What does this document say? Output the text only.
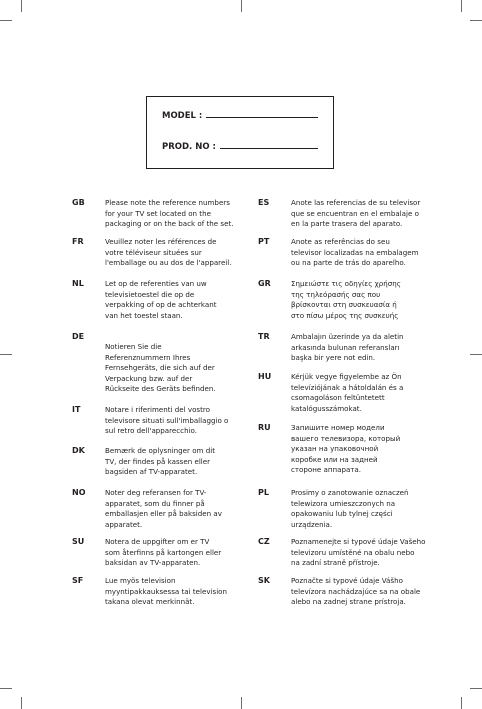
MODEL :
PROD. NO :
GB	Please note the reference numbers
for your TV set located on the
packaging or on the back of the set.
FR	Veuillez noter les références de
votre téléviseur situées sur
l'emballage ou au dos de l'appareil.
NL	Let op de referenties van uw
televisietoestel die op de
verpakking of op de achterkant
van het toestel staan.
DE
Notieren Sie die
Referenznummern Ihres
Fernsehgeräts, die sich auf der
Verpackung bzw. auf der
Rückseite des Geräts befinden.
IT	Notare i riferimenti del vostro
televisore situati sull'imballaggio o
sul retro dell'apparecchio.
DK	Bemærk de oplysninger om dit
TV, der findes på kassen eller
bagsiden af TV-apparatet.
NO	Noter deg referansen for TV-
apparatet, som du finner på
emballasjen eller på baksiden av
apparatet.
SU	Notera de uppgifter om er TV
som återfinns på kartongen eller
baksidan av TV-apparaten.
SF	Lue myös television
myyntipakkauksessa tai television
takana olevat merkinnät.
ES	Anote las referencias de su televisor
que se encuentran en el embalaje o
en la parte trasera del aparato.
PT	Anote as referências do seu
televisor localizadas na embalagem
ou na parte de trás do aparelho.
GR	Σημειώστε τις οδηγίες χρήσης
της τηλεόρασής σας που
βρίσκονται στη συσκευασία ή
στο πίσω μέρος της συσκευής
TR	Ambalajın üzerinde ya da aletin
arkasında bulunan referansları
başka bir yere not edin.
HU	Kérjük vegye figyelembe az Ön
televíziójának a hátoldalán és a
csomagoláson feltüntetett
katalógusszámokat.
RU	Запишите номер модели
вашего телевизора, который
указан на упаковочной
коробке или на задней
стороне аппарата.
PL	Prosimy o zanotowanie oznaczeń
telewizora umieszczonych na
opakowaniu lub tylnej części
urządzenia.
CZ	Poznamenejte si typové údaje Vašeho
televizoru umístěné na obalu nebo
na zadní straně přístroje.
SK	Poznačte si typové údaje Vášho
televízora nachádzajúce sa na obale
alebo na zadnej strane prístroja.
